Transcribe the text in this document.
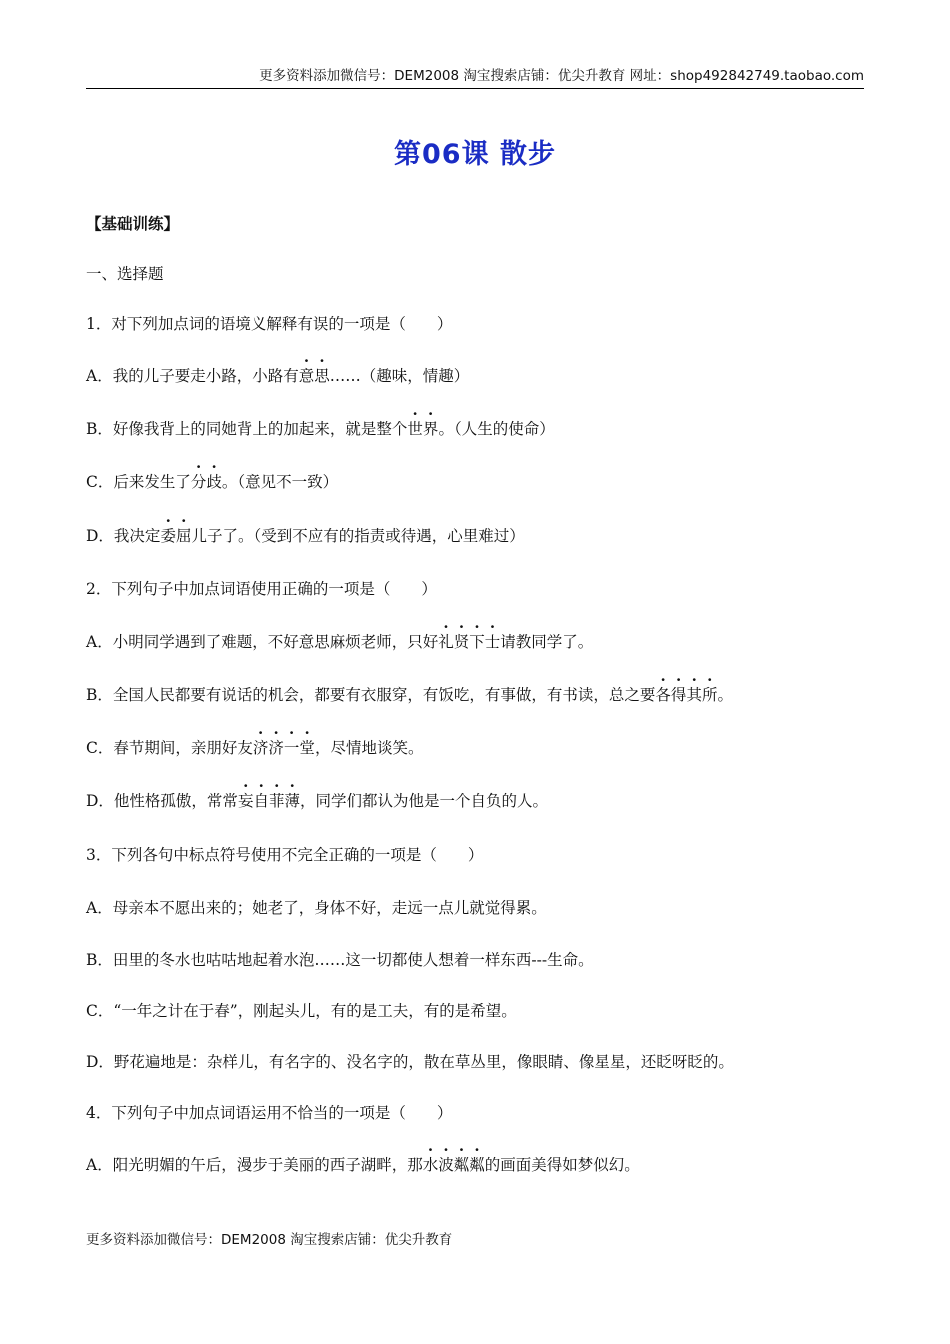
更多资料添加微信号：DEM2008 淘宝搜索店铺：优尖升教育 网址：shop492842749.taobao.com
第06课 散步
【基础训练】
一、选择题
1．对下列加点词的语境义解释有误的一项是（　　）
A．我的儿子要走小路，小路有意思……（趣味，情趣）
B．好像我背上的同她背上的加起来，就是整个世界。（人生的使命）
C．后来发生了分歧。（意见不一致）
D．我决定委屈儿子了。（受到不应有的指责或待遇，心里难过）
2．下列句子中加点词语使用正确的一项是（　　）
A．小明同学遇到了难题，不好意思麻烦老师，只好礼贤下士请教同学了。
B．全国人民都要有说话的机会，都要有衣服穿，有饭吃，有事做，有书读，总之要各得其所。
C．春节期间，亲朋好友济济一堂，尽情地谈笑。
D．他性格孤傲，常常妄自菲薄，同学们都认为他是一个自负的人。
3．下列各句中标点符号使用不完全正确的一项是（　　）
A．母亲本不愿出来的；她老了，身体不好，走远一点儿就觉得累。
B．田里的冬水也咕咕地起着水泡……这一切都使人想着一样东西---生命。
C．“一年之计在于春”，刚起头儿，有的是工夫，有的是希望。
D．野花遍地是：杂样儿，有名字的、没名字的，散在草丛里，像眼睛、像星星，还眨呀眨的。
4．下列句子中加点词语运用不恰当的一项是（　　）
A．阳光明媚的午后，漫步于美丽的西子湖畔，那水波粼粼的画面美得如梦似幻。
更多资料添加微信号：DEM2008 淘宝搜索店铺：优尖升教育
